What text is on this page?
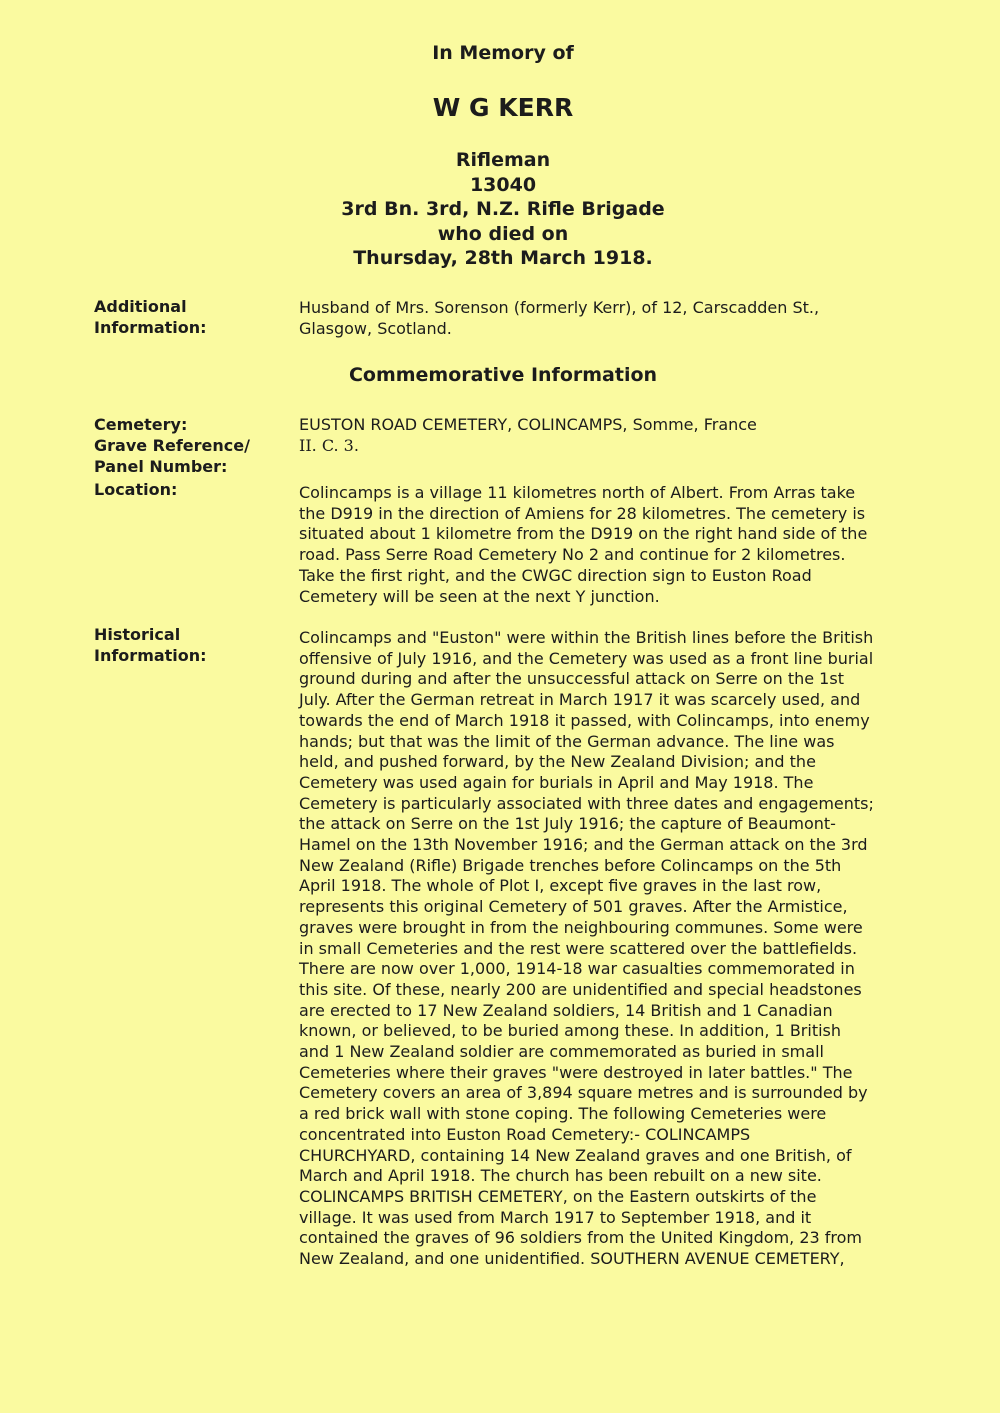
In Memory of
W G KERR
Rifleman
13040
3rd Bn. 3rd, N.Z. Rifle Brigade
who died on
Thursday, 28th March 1918.
Additional
Information:
Husband of Mrs. Sorenson (formerly Kerr), of 12, Carscadden St.,
Glasgow, Scotland.
Commemorative Information
Cemetery:	EUSTON ROAD CEMETERY, COLINCAMPS, Somme, France
Grave Reference/
Panel Number:
II. C. 3.
Location:	Colincamps is a village 11 kilometres north of Albert. From Arras take
the D919 in the direction of Amiens for 28 kilometres. The cemetery is
situated about 1 kilometre from the D919 on the right hand side of the
road. Pass Serre Road Cemetery No 2 and continue for 2 kilometres.
Take the first right, and the CWGC direction sign to Euston Road
Cemetery will be seen at the next Y junction.
Historical
Information:
Colincamps and "Euston" were within the British lines before the British
offensive of July 1916, and the Cemetery was used as a front line burial
ground during and after the unsuccessful attack on Serre on the 1st
July. After the German retreat in March 1917 it was scarcely used, and
towards the end of March 1918 it passed, with Colincamps, into enemy
hands; but that was the limit of the German advance. The line was
held, and pushed forward, by the New Zealand Division; and the
Cemetery was used again for burials in April and May 1918. The
Cemetery is particularly associated with three dates and engagements;
the attack on Serre on the 1st July 1916; the capture of Beaumont-
Hamel on the 13th November 1916; and the German attack on the 3rd
New Zealand (Rifle) Brigade trenches before Colincamps on the 5th
April 1918. The whole of Plot I, except five graves in the last row,
represents this original Cemetery of 501 graves. After the Armistice,
graves were brought in from the neighbouring communes. Some were
in small Cemeteries and the rest were scattered over the battlefields.
There are now over 1,000, 1914-18 war casualties commemorated in
this site. Of these, nearly 200 are unidentified and special headstones
are erected to 17 New Zealand soldiers, 14 British and 1 Canadian
known, or believed, to be buried among these. In addition, 1 British
and 1 New Zealand soldier are commemorated as buried in small
Cemeteries where their graves "were destroyed in later battles." The
Cemetery covers an area of 3,894 square metres and is surrounded by
a red brick wall with stone coping. The following Cemeteries were
concentrated into Euston Road Cemetery:- COLINCAMPS
CHURCHYARD, containing 14 New Zealand graves and one British, of
March and April 1918. The church has been rebuilt on a new site.
COLINCAMPS BRITISH CEMETERY, on the Eastern outskirts of the
village. It was used from March 1917 to September 1918, and it
contained the graves of 96 soldiers from the United Kingdom, 23 from
New Zealand, and one unidentified. SOUTHERN AVENUE CEMETERY,
